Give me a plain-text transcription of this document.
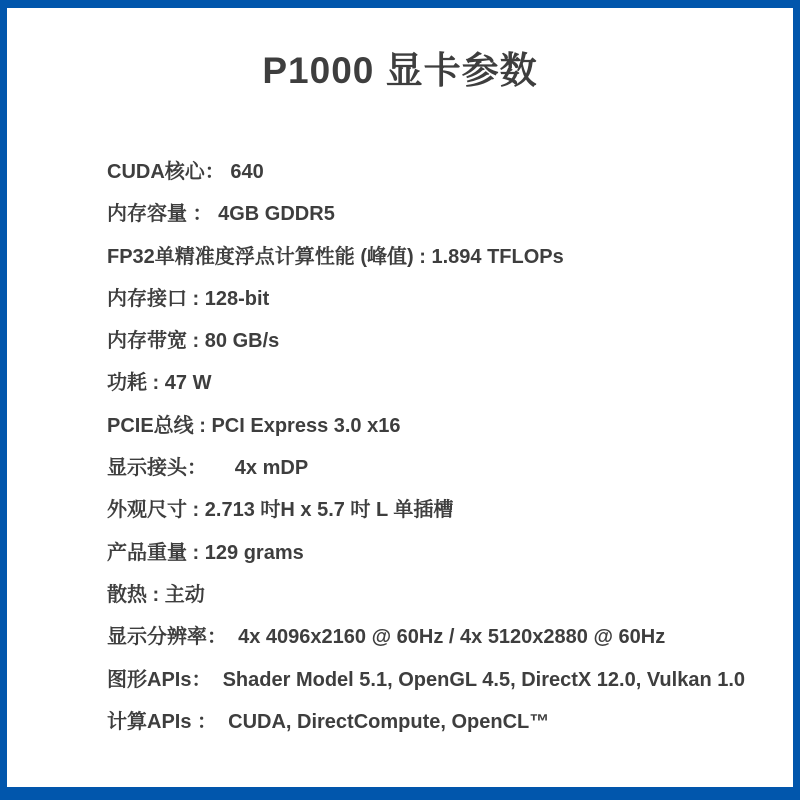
P1000 显卡参数
CUDA核心： 640
内存容量 ： 4GB GDDR5
FP32单精准度浮点计算性能 (峰值) : 1.894 TFLOPs
内存接口 : 128-bit
内存带宽 : 80 GB/s
功耗 : 47 W
PCIE总线 : PCI Express 3.0 x16
显示接头：     4x mDP
外观尺寸 : 2.713 吋H x 5.7 吋 L 单插槽
产品重量 : 129 grams
散热 : 主动
显示分辨率：  4x 4096x2160 @ 60Hz / 4x 5120x2880 @ 60Hz
图形APIs：  Shader Model 5.1, OpenGL 4.5, DirectX 12.0, Vulkan 1.0
计算APIs ：  CUDA, DirectCompute, OpenCL™
